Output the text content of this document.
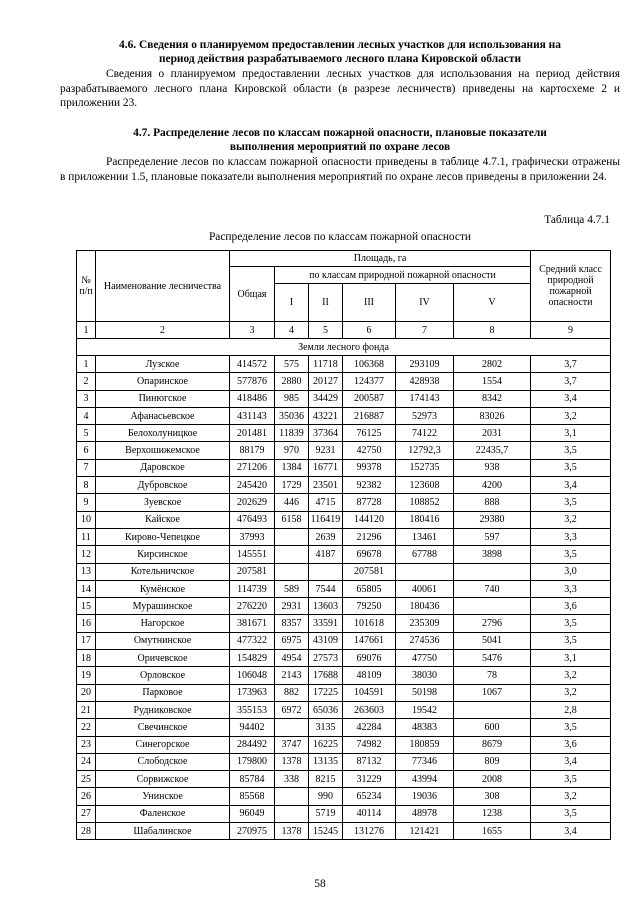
4.6. Сведения о планируемом предоставлении лесных участков для использования на
период действия разрабатываемого лесного плана Кировской области
Сведения о планируемом предоставлении лесных участков для использования на период действия разрабатываемого лесного плана Кировской области (в разрезе лесничеств) приведены на картосхеме 2 и приложении 23.
4.7. Распределение лесов по классам пожарной опасности, плановые показатели
выполнения мероприятий по охране лесов
Распределение лесов по классам пожарной опасности приведены в таблице 4.7.1, графически отражены в приложении 1.5, плановые показатели выполнения мероприятий по охране лесов приведены в приложении 24.
Таблица 4.7.1
Распределение лесов по классам пожарной опасности
№ п/п	Наименование лесничества	Площадь, га						Средний класс природной пожарной опасности
		Общая	по классам природной пожарной опасности					
			I	II	III	IV	V	
1	2	3	4	5	6	7	8	9
Земли лесного фонда								
1	Лузское	414572	575	11718	106368	293109	2802	3,7
2	Опаринское	577876	2880	20127	124377	428938	1554	3,7
3	Пинюгское	418486	985	34429	200587	174143	8342	3,4
4	Афанасьевское	431143	35036	43221	216887	52973	83026	3,2
5	Белохолуницкое	201481	11839	37364	76125	74122	2031	3,1
6	Верхошижемское	88179	970	9231	42750	12792,3	22435,7	3,5
7	Даровское	271206	1384	16771	99378	152735	938	3,5
8	Дубровское	245420	1729	23501	92382	123608	4200	3,4
9	Зуевское	202629	446	4715	87728	108852	888	3,5
10	Кайское	476493	6158	116419	144120	180416	29380	3,2
11	Кирово-Чепецкое	37993		2639	21296	13461	597	3,3
12	Кирсинское	145551		4187	69678	67788	3898	3,5
13	Котельничское	207581			207581			3,0
14	Кумёнское	114739	589	7544	65805	40061	740	3,3
15	Мурашинское	276220	2931	13603	79250	180436		3,6
16	Нагорское	381671	8357	33591	101618	235309	2796	3,5
17	Омутнинское	477322	6975	43109	147661	274536	5041	3,5
18	Оричевское	154829	4954	27573	69076	47750	5476	3,1
19	Орловское	106048	2143	17688	48109	38030	78	3,2
20	Парковое	173963	882	17225	104591	50198	1067	3,2
21	Рудниковское	355153	6972	65036	263603	19542		2,8
22	Свечинское	94402		3135	42284	48383	600	3,5
23	Синегорское	284492	3747	16225	74982	180859	8679	3,6
24	Слободское	179800	1378	13135	87132	77346	809	3,4
25	Сорвижское	85784	338	8215	31229	43994	2008	3,5
26	Унинское	85568		990	65234	19036	308	3,2
27	Фаленское	96049		5719	40114	48978	1238	3,5
28	Шабалинское	270975	1378	15245	131276	121421	1655	3,4
58
